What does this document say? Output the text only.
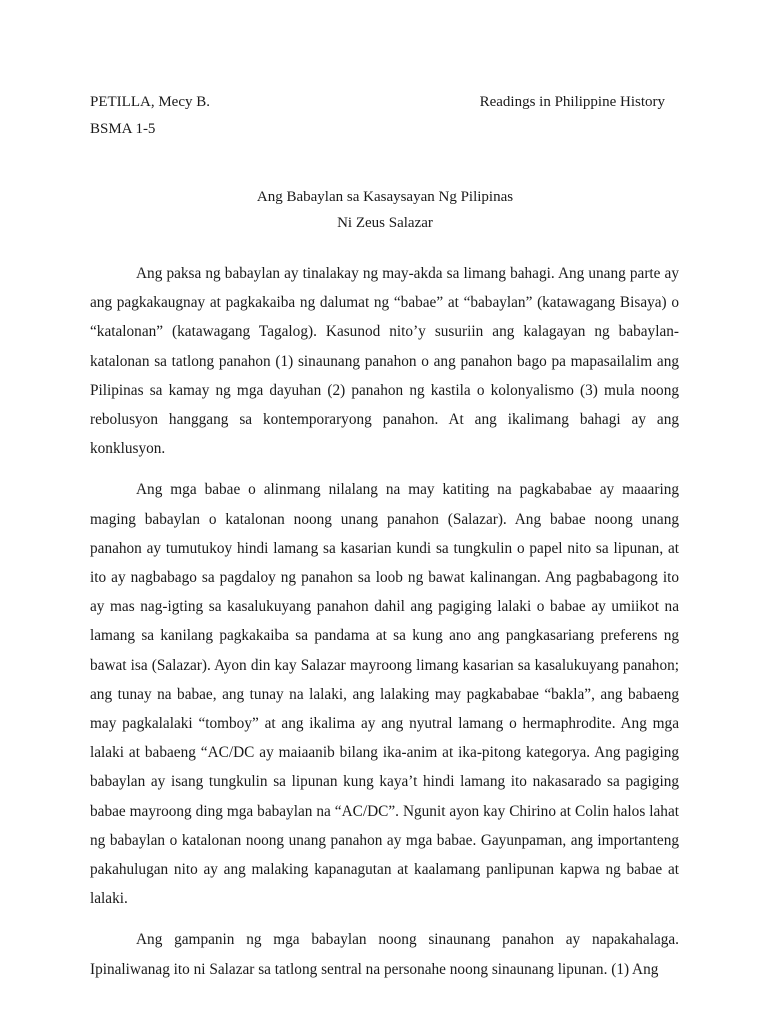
PETILLA, Mecy B.	Readings in Philippine History
BSMA 1-5
Ang Babaylan sa Kasaysayan Ng Pilipinas
Ni Zeus Salazar

Ang paksa ng babaylan ay tinalakay ng may-akda sa limang bahagi. Ang unang parte ay ang pagkakaugnay at pagkakaiba ng dalumat ng “babae” at “babaylan” (katawagang Bisaya) o “katalonan” (katawagang Tagalog). Kasunod nito’y susuriin ang kalagayan ng babaylan-katalonan sa tatlong panahon (1) sinaunang panahon o ang panahon bago pa mapasailalim ang Pilipinas sa kamay ng mga dayuhan (2) panahon ng kastila o kolonyalismo (3) mula noong rebolusyon hanggang sa kontemporaryong panahon. At ang ikalimang bahagi ay ang konklusyon.

Ang mga babae o alinmang nilalang na may katiting na pagkababae ay maaaring maging babaylan o katalonan noong unang panahon (Salazar). Ang babae noong unang panahon ay tumutukoy hindi lamang sa kasarian kundi sa tungkulin o papel nito sa lipunan, at ito ay nagbabago sa pagdaloy ng panahon sa loob ng bawat kalinangan. Ang pagbabagong ito ay mas nag-igting sa kasalukuyang panahon dahil ang pagiging lalaki o babae ay umiikot na lamang sa kanilang pagkakaiba sa pandama at sa kung ano ang pangkasariang preferens ng bawat isa (Salazar). Ayon din kay Salazar mayroong limang kasarian sa kasalukuyang panahon; ang tunay na babae, ang tunay na lalaki, ang lalaking may pagkababae “bakla”, ang babaeng may pagkalalaki “tomboy” at ang ikalima ay ang nyutral lamang o hermaphrodite. Ang mga lalaki at babaeng “AC/DC ay maiaanib bilang ika-anim at ika-pitong kategorya. Ang pagiging babaylan ay isang tungkulin sa lipunan kung kaya’t hindi lamang ito nakasarado sa pagiging babae mayroong ding mga babaylan na “AC/DC”. Ngunit ayon kay Chirino at Colin halos lahat ng babaylan o katalonan noong unang panahon ay mga babae. Gayunpaman, ang importanteng pakahulugan nito ay ang malaking kapanagutan at kaalamang panlipunan kapwa ng babae at lalaki.

Ang gampanin ng mga babaylan noong sinaunang panahon ay napakahalaga. Ipinaliwanag ito ni Salazar sa tatlong sentral na personahe noong sinaunang lipunan. (1) Ang
